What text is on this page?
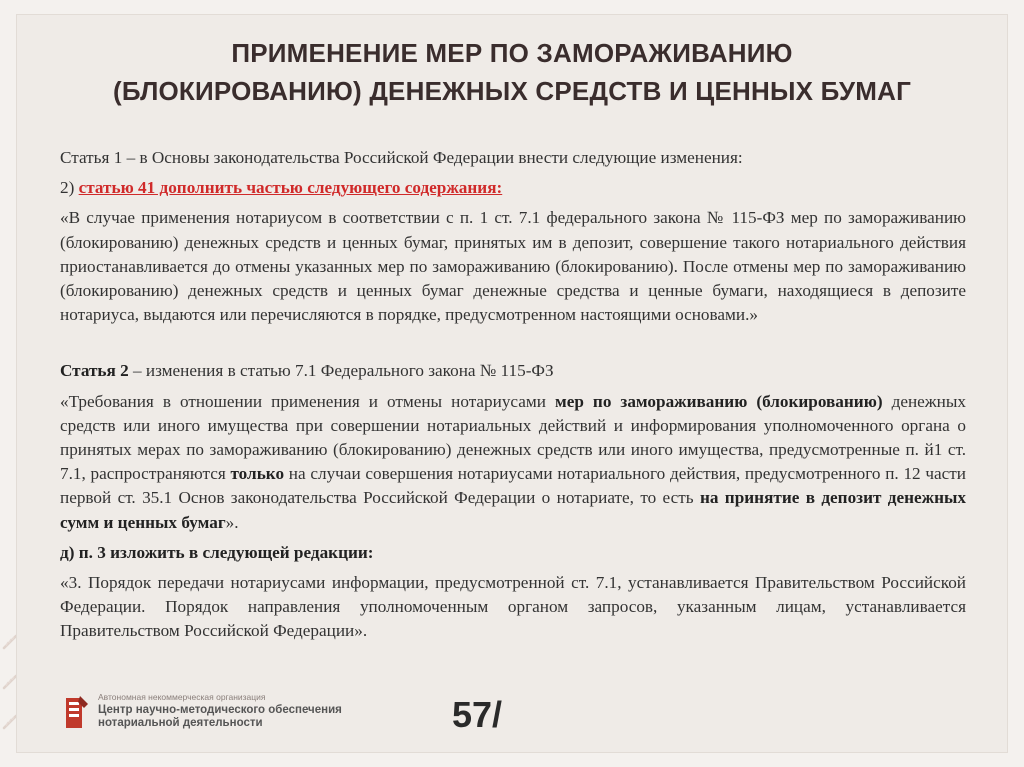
ПРИМЕНЕНИЕ МЕР ПО ЗАМОРАЖИВАНИЮ
(БЛОКИРОВАНИЮ) ДЕНЕЖНЫХ СРЕДСТВ И ЦЕННЫХ БУМАГ

Статья 1 – в Основы законодательства Российской Федерации внести следующие изменения:

2) статью 41 дополнить частью следующего содержания:

«В случае применения нотариусом в соответствии с п. 1 ст. 7.1 федерального закона № 115-ФЗ мер по замораживанию (блокированию) денежных средств и ценных бумаг, принятых им в депозит, совершение такого нотариального действия приостанавливается до отмены указанных мер по замораживанию (блокированию). После отмены мер по замораживанию (блокированию) денежных средств и ценных бумаг денежные средства и ценные бумаги, находящиеся в депозите нотариуса, выдаются или перечисляются в порядке, предусмотренном настоящими основами.»

Статья 2 – изменения в статью 7.1 Федерального закона № 115-ФЗ

«Требования в отношении применения и отмены нотариусами мер по замораживанию (блокированию) денежных средств или иного имущества при совершении нотариальных действий и информирования уполномоченного органа о принятых мерах по замораживанию (блокированию) денежных средств или иного имущества, предусмотренные п. й1 ст. 7.1, распространяются только на случаи совершения нотариусами нотариального действия, предусмотренного п. 12 части первой ст. 35.1 Основ законодательства Российской Федерации о нотариате, то есть на принятие в депозит денежных сумм и ценных бумаг».

д) п. 3 изложить в следующей редакции:

«3. Порядок передачи нотариусами информации, предусмотренной ст. 7.1, устанавливается Правительством Российской Федерации. Порядок направления уполномоченным органом запросов, указанным лицам, устанавливается Правительством Российской Федерации».

Автономная некоммерческая организация
Центр научно-методического обеспечения
нотариальной деятельности	57/
